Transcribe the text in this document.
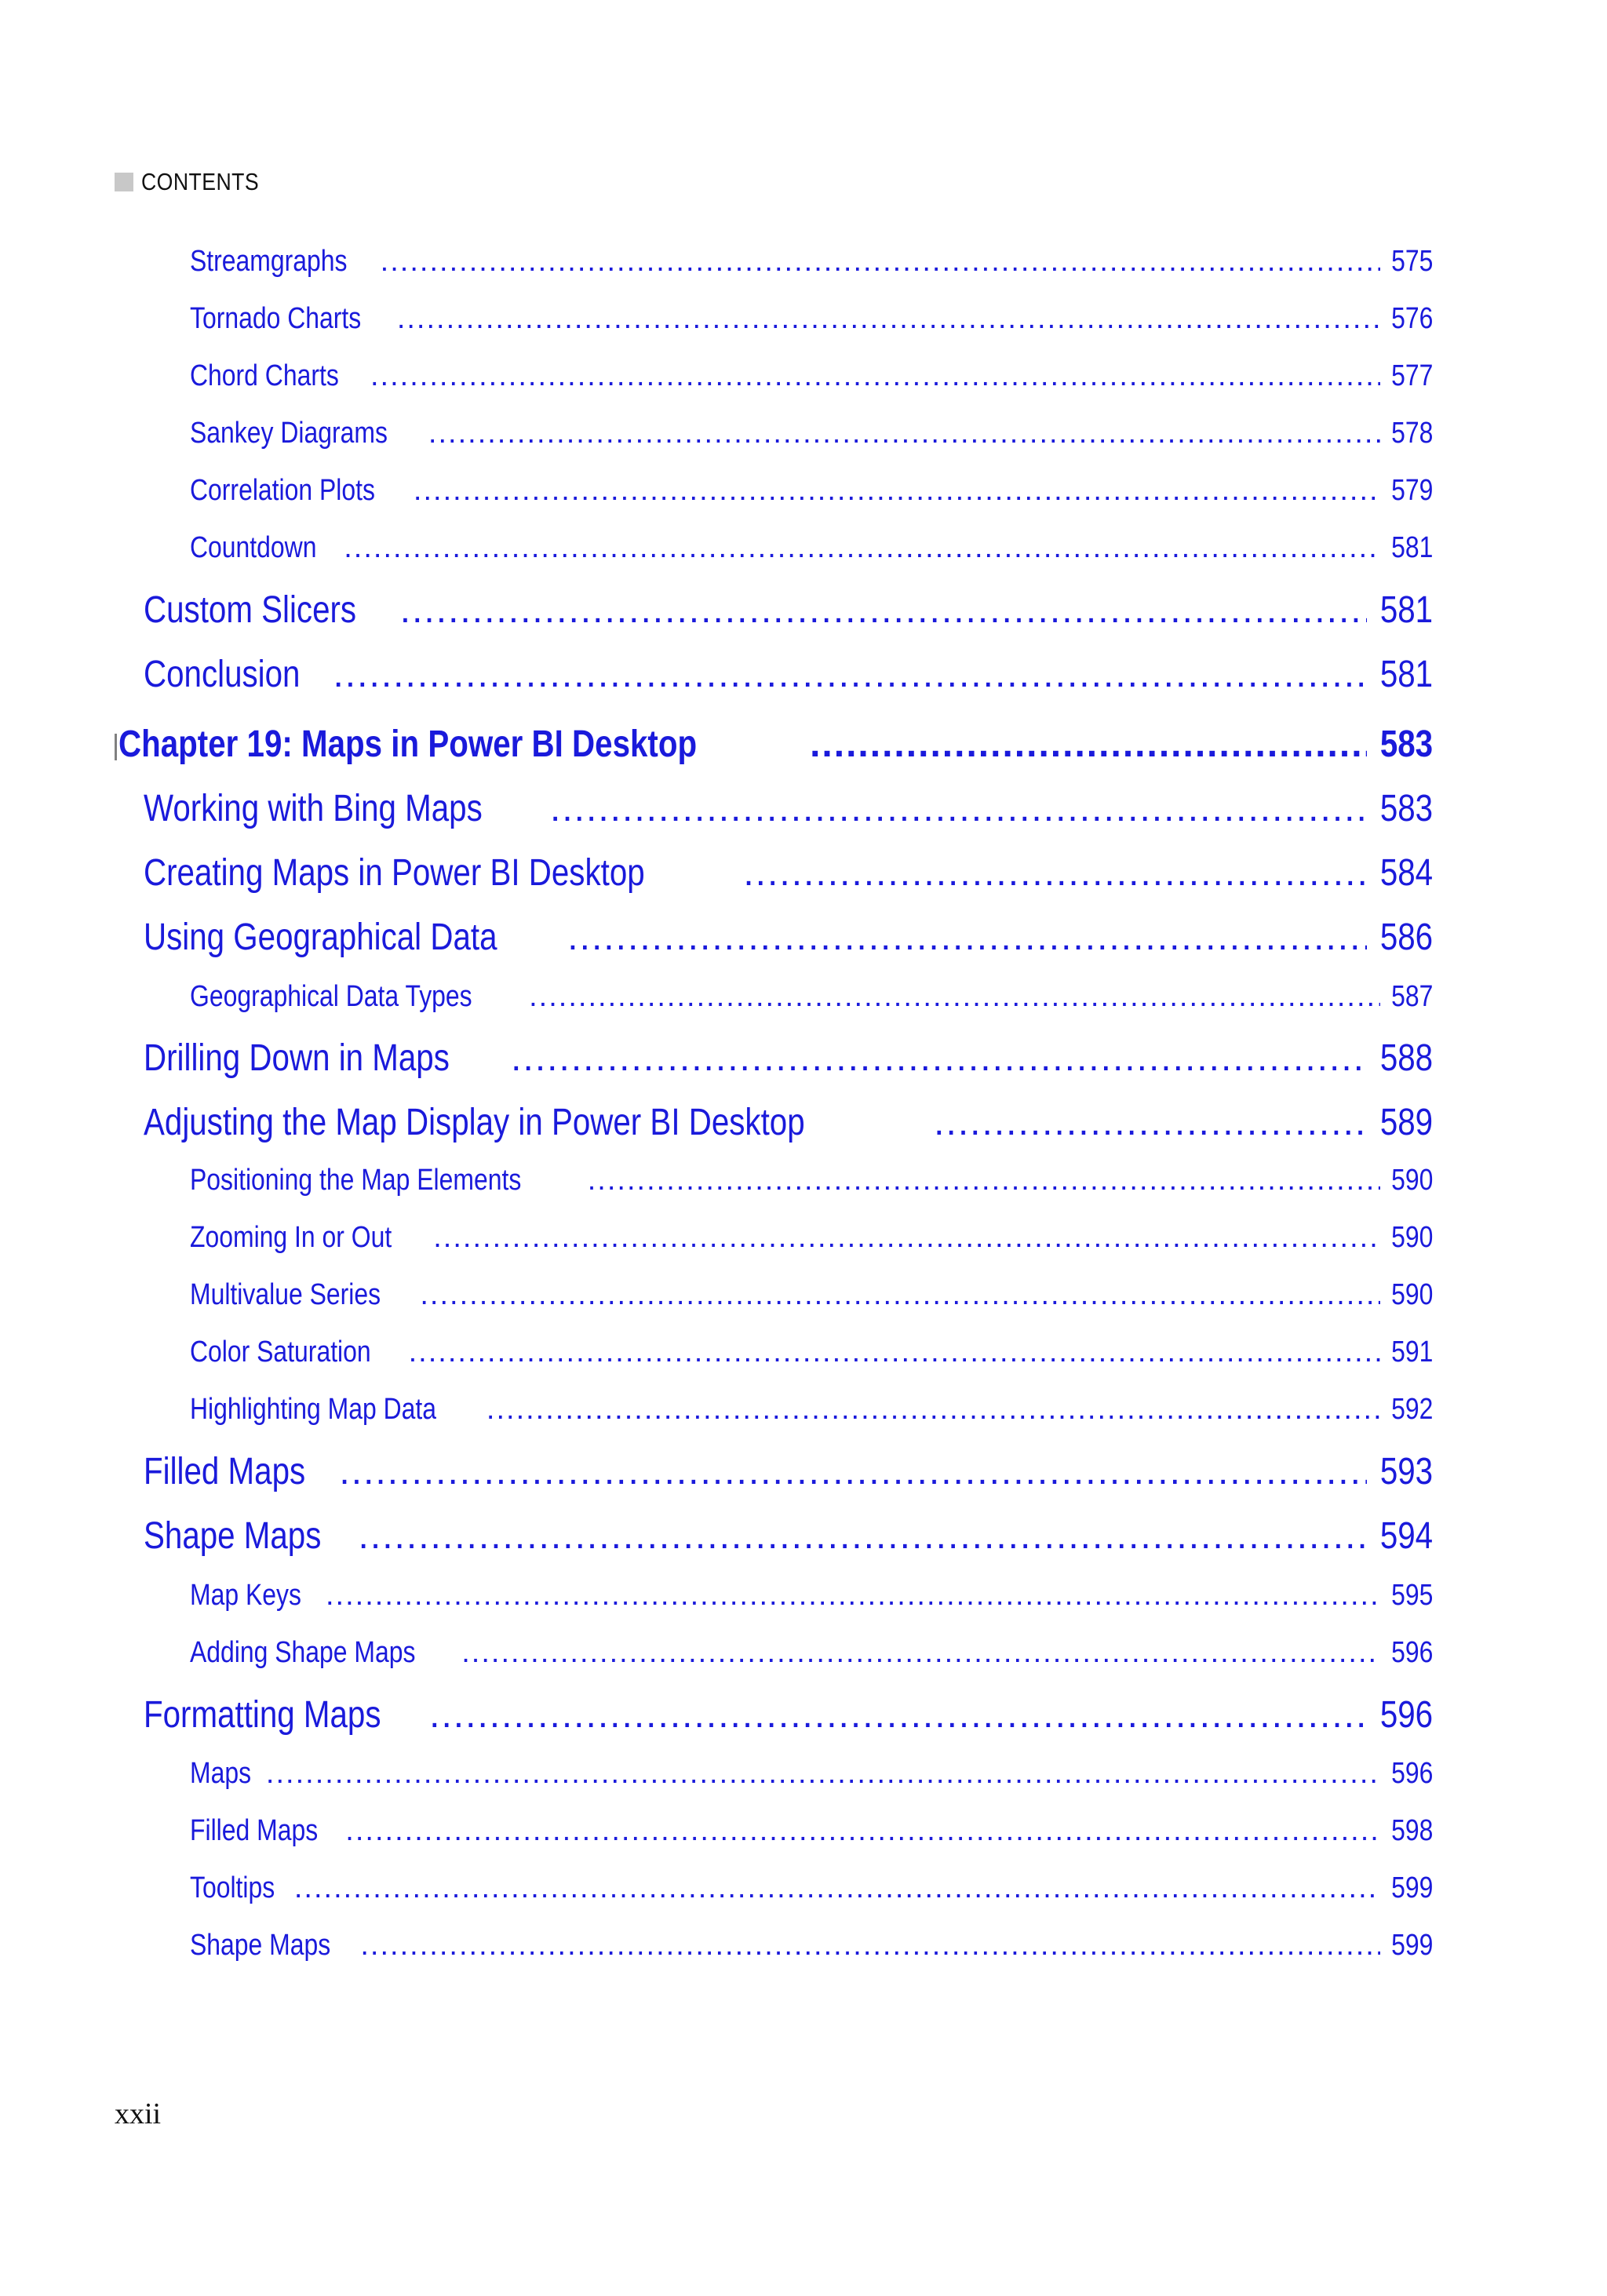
CONTENTS
Streamgraphs .....	575
Tornado Charts .....	576
Chord Charts .....	577
Sankey Diagrams .....	578
Correlation Plots .....	579
Countdown .....	581
Custom Slicers .....	581
Conclusion .....	581
Chapter 19: Maps in Power BI Desktop .....	583
Working with Bing Maps .....	583
Creating Maps in Power BI Desktop .....	584
Using Geographical Data .....	586
Geographical Data Types .....	587
Drilling Down in Maps .....	588
Adjusting the Map Display in Power BI Desktop .....	589
Positioning the Map Elements .....	590
Zooming In or Out .....	590
Multivalue Series .....	590
Color Saturation .....	591
Highlighting Map Data .....	592
Filled Maps .....	593
Shape Maps .....	594
Map Keys .....	595
Adding Shape Maps .....	596
Formatting Maps .....	596
Maps .....	596
Filled Maps .....	598
Tooltips .....	599
Shape Maps .....	599
xxii
